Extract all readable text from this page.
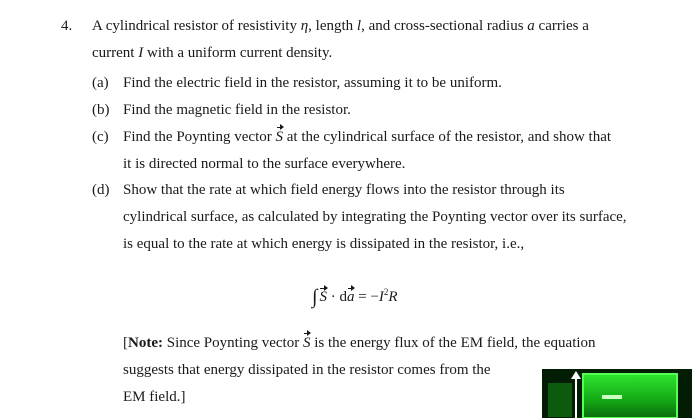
4. A cylindrical resistor of resistivity η, length l, and cross-sectional radius a carries a
current I with a uniform current density.
(a) Find the electric field in the resistor, assuming it to be uniform.
(b) Find the magnetic field in the resistor.
(c) Find the Poynting vector S at the cylindrical surface of the resistor, and show that
it is directed normal to the surface everywhere.
(d) Show that the rate at which field energy flows into the resistor through its
cylindrical surface, as calculated by integrating the Poynting vector over its surface,
is equal to the rate at which energy is dissipated in the resistor, i.e.,
∫ S · da = $-I^2R$
[Note: Since Poynting vector S is the energy flux of the EM field, the equation
suggests that energy dissipated in the resistor comes from the
EM field.]
